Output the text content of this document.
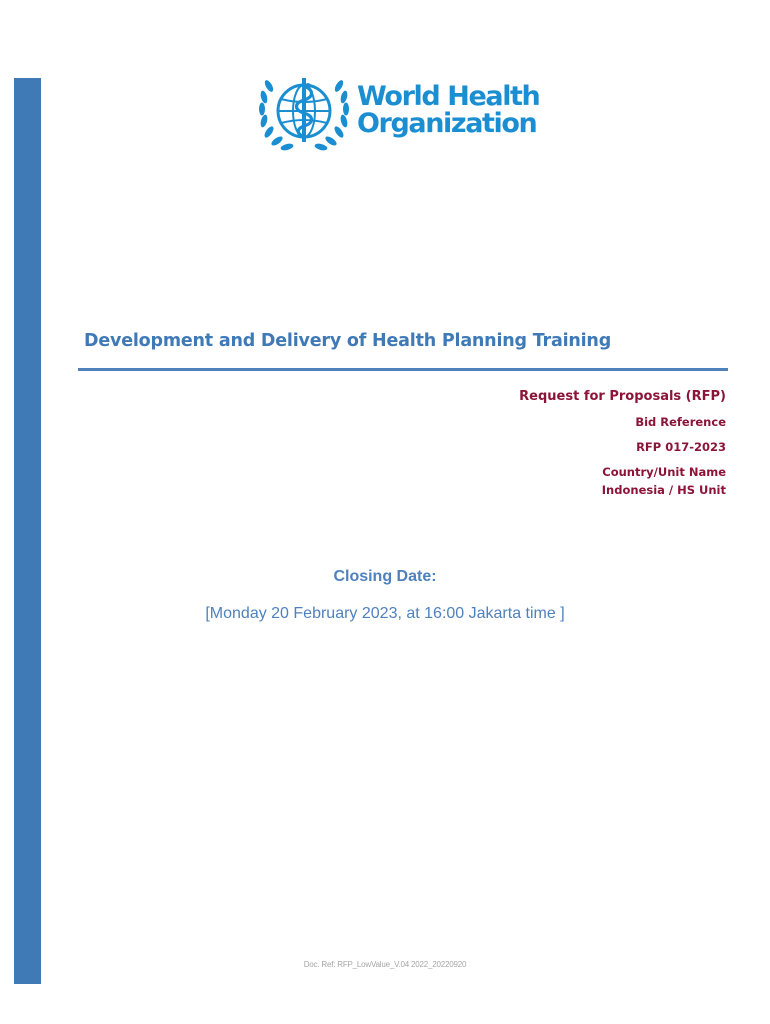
World Health
Organization
Development and Delivery of Health Planning Training
Request for Proposals (RFP)
Bid Reference
RFP 017-2023
Country/Unit Name
Indonesia / HS Unit
Closing Date:
[Monday 20 February 2023, at 16:00 Jakarta time ]
Doc. Ref: RFP_LowValue_V.04 2022_20220920
